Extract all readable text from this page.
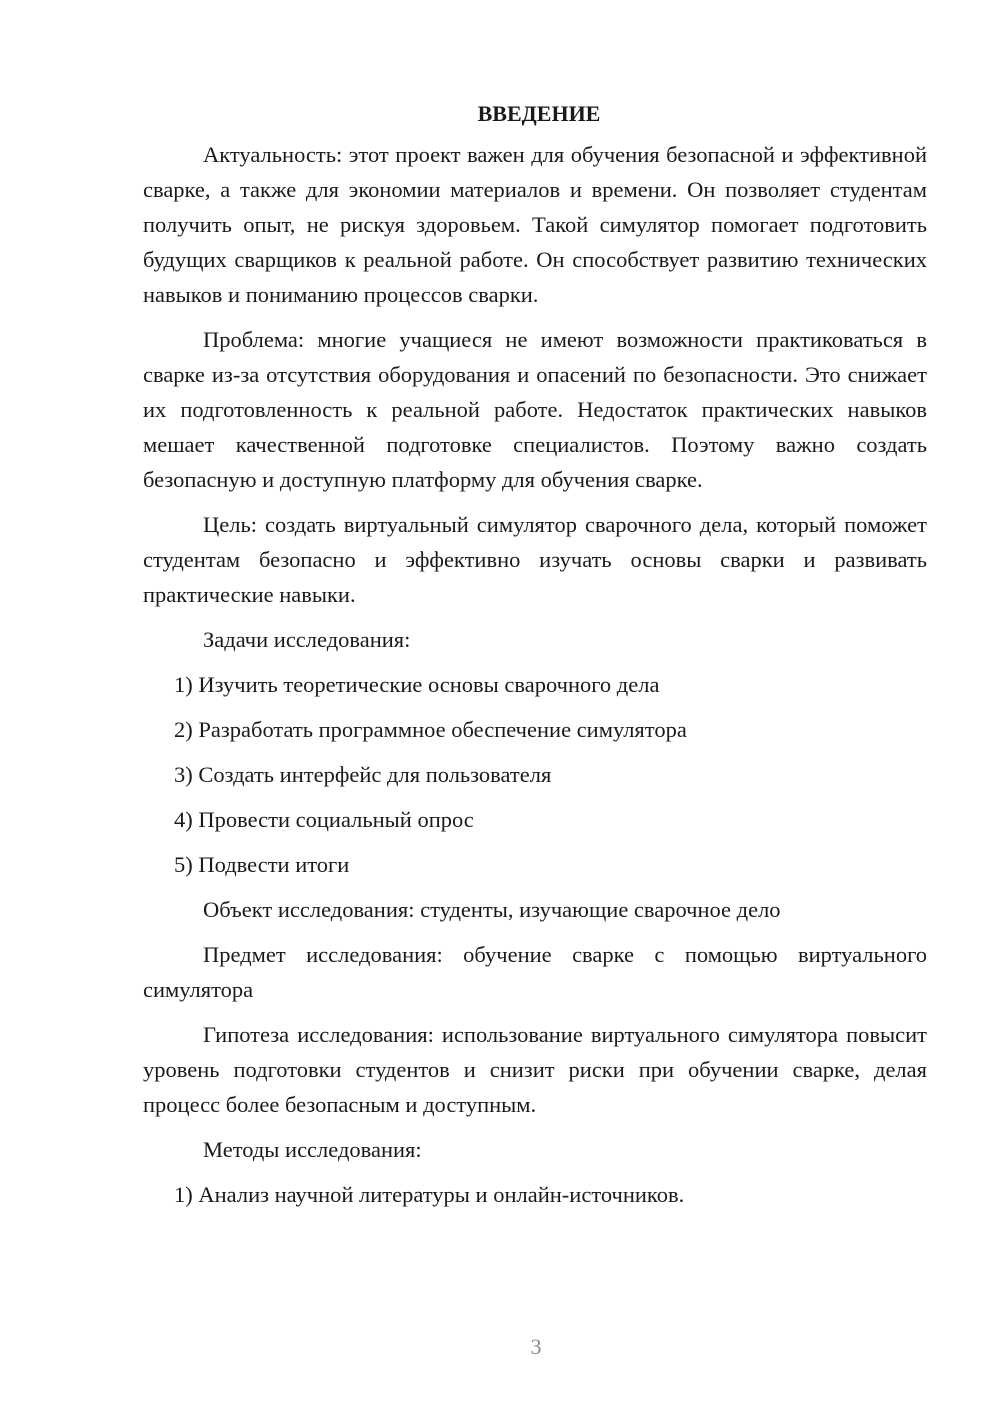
ВВЕДЕНИЕ

Актуальность: этот проект важен для обучения безопасной и эффективной сварке, а также для экономии материалов и времени. Он позволяет студентам получить опыт, не рискуя здоровьем. Такой симулятор помогает подготовить будущих сварщиков к реальной работе. Он способствует развитию технических навыков и пониманию процессов сварки.

Проблема: многие учащиеся не имеют возможности практиковаться в сварке из-за отсутствия оборудования и опасений по безопасности. Это снижает их подготовленность к реальной работе. Недостаток практических навыков мешает качественной подготовке специалистов. Поэтому важно создать безопасную и доступную платформу для обучения сварке.

Цель: создать виртуальный симулятор сварочного дела, который поможет студентам безопасно и эффективно изучать основы сварки и развивать практические навыки.

Задачи исследования:

1) Изучить теоретические основы сварочного дела

2) Разработать программное обеспечение симулятора

3) Создать интерфейс для пользователя

4) Провести социальный опрос

5) Подвести итоги

Объект исследования: студенты, изучающие сварочное дело

Предмет исследования: обучение сварке с помощью виртуального симулятора

Гипотеза исследования: использование виртуального симулятора повысит уровень подготовки студентов и снизит риски при обучении сварке, делая процесс более безопасным и доступным.

Методы исследования:

1) Анализ научной литературы и онлайн-источников.

3
